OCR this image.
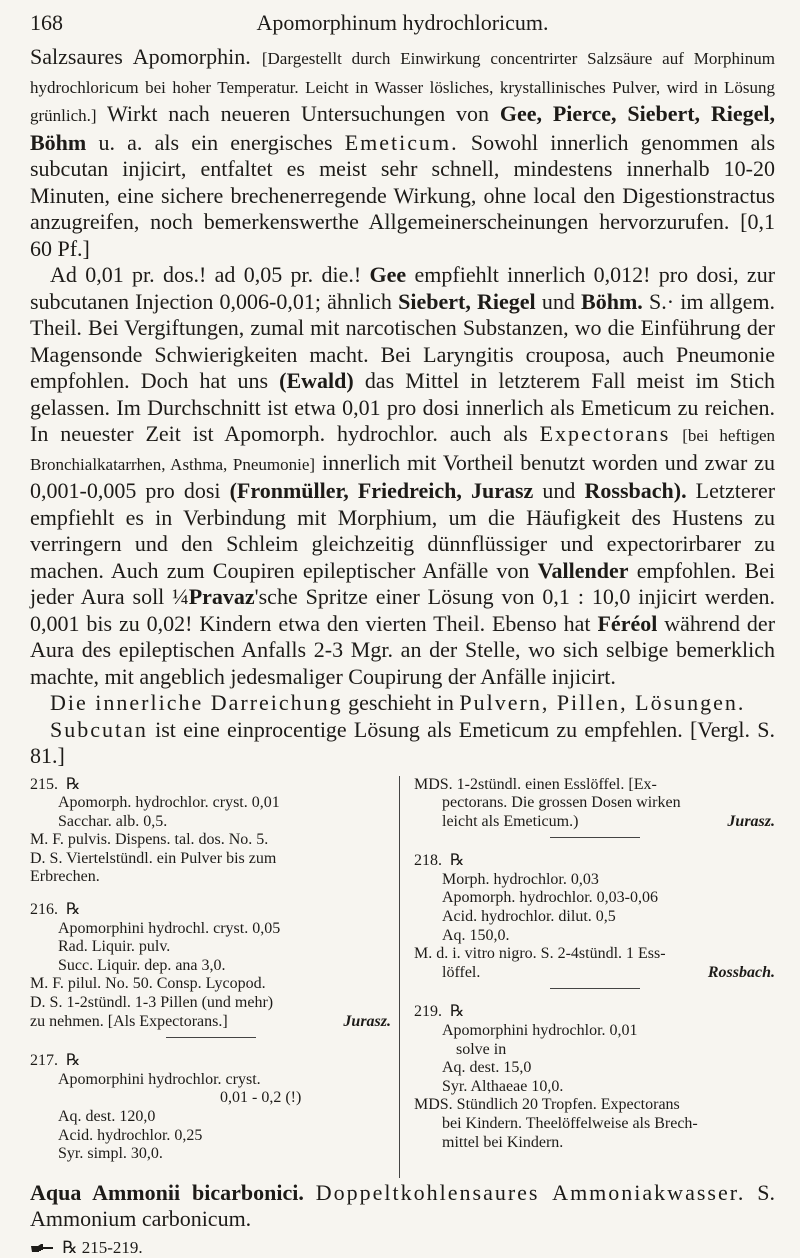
168	Apomorphinum hydrochloricum.

Salzsaures Apomorphin. [Dargestellt durch Einwirkung concentrirter Salzsäure auf Morphinum hydrochloricum bei hoher Temperatur. Leicht in Wasser lösliches, krystallinisches Pulver, wird in Lösung grünlich.] Wirkt nach neueren Untersuchungen von Gee, Pierce, Siebert, Riegel, Böhm u. a. als ein energisches Emeticum. Sowohl innerlich genommen als subcutan injicirt, entfaltet es meist sehr schnell, mindestens innerhalb 10-20 Minuten, eine sichere brechenerregende Wirkung, ohne local den Digestionstractus anzugreifen, noch bemerkenswerthe Allgemeinerscheinungen hervorzurufen. [0,1 60 Pf.]

Ad 0,01 pr. dos.! ad 0,05 pr. die.! Gee empfiehlt innerlich 0,012! pro dosi, zur subcutanen Injection 0,006-0,01; ähnlich Siebert, Riegel und Böhm. S.· im allgem. Theil. Bei Vergiftungen, zumal mit narcotischen Substanzen, wo die Einführung der Magensonde Schwierigkeiten macht. Bei Laryngitis crouposa, auch Pneumonie empfohlen. Doch hat uns (Ewald) das Mittel in letzterem Fall meist im Stich gelassen. Im Durchschnitt ist etwa 0,01 pro dosi innerlich als Emeticum zu reichen. In neuester Zeit ist Apomorph. hydrochlor. auch als Expectorans [bei heftigen Bronchialkatarrhen, Asthma, Pneumonie] innerlich mit Vortheil benutzt worden und zwar zu 0,001-0,005 pro dosi (Fronmüller, Friedreich, Jurasz und Rossbach). Letzterer empfiehlt es in Verbindung mit Morphium, um die Häufigkeit des Hustens zu verringern und den Schleim gleichzeitig dünnflüssiger und expectorirbarer zu machen. Auch zum Coupiren epileptischer Anfälle von Vallender empfohlen. Bei jeder Aura soll ¼Pravaz'sche Spritze einer Lösung von 0,1 : 10,0 injicirt werden. 0,001 bis zu 0,02! Kindern etwa den vierten Theil. Ebenso hat Féréol während der Aura des epileptischen Anfalls 2-3 Mgr. an der Stelle, wo sich selbige bemerklich machte, mit angeblich jedesmaliger Coupirung der Anfälle injicirt.

Die innerliche Darreichung geschieht in Pulvern, Pillen, Lösungen.

Subcutan ist eine einprocentige Lösung als Emeticum zu empfehlen. [Vergl. S. 81.]

215.  ℞
Apomorph. hydrochlor. cryst. 0,01
Sacchar. alb. 0,5.
M. F. pulvis. Dispens. tal. dos. No. 5.
D. S. Viertelstündl. ein Pulver bis zum
Erbrechen.
216.  ℞
Apomorphini hydrochl. cryst. 0,05
Rad. Liquir. pulv.
Succ. Liquir. dep. ana 3,0.
M. F. pilul. No. 50. Consp. Lycopod.
D. S. 1-2stündl. 1-3 Pillen (und mehr)
zu nehmen. [Als Expectorans.]	Jurasz.
217.  ℞
Apomorphini hydrochlor. cryst.
0,01 - 0,2 (!)
Aq. dest. 120,0
Acid. hydrochlor. 0,25
Syr. simpl. 30,0.
MDS. 1-2stündl. einen Esslöffel. [Ex-
pectorans. Die grossen Dosen wirken
leicht als Emeticum.)	Jurasz.
218.  ℞
Morph. hydrochlor. 0,03
Apomorph. hydrochlor. 0,03-0,06
Acid. hydrochlor. dilut. 0,5
Aq. 150,0.
M. d. i. vitro nigro. S. 2-4stündl. 1 Ess-
löffel.	Rossbach.
219.  ℞
Apomorphini hydrochlor. 0,01
solve in
Aq. dest. 15,0
Syr. Althaeae 10,0.
MDS. Stündlich 20 Tropfen. Expectorans
bei Kindern. Theelöffelweise als Brech-
mittel bei Kindern.
Aqua Ammonii bicarbonici. Doppeltkohlensaures Ammoniakwasser. S. Ammonium carbonicum.
℞ 215-219.
